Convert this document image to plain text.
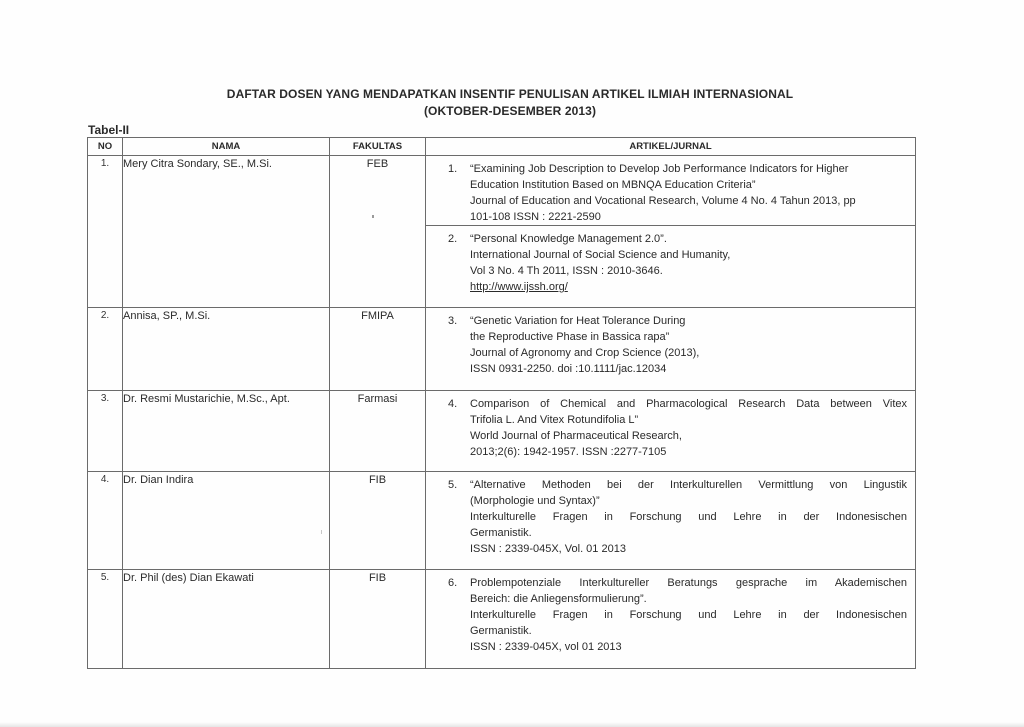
DAFTAR DOSEN YANG MENDAPATKAN INSENTIF PENULISAN ARTIKEL ILMIAH INTERNASIONAL
(OKTOBER-DESEMBER 2013)
Tabel-II
NO	NAMA	FAKULTAS	ARTIKEL/JURNAL
1.	Mery Citra Sondary, SE., M.Si.	FEB	1. “Examining Job Description to Develop Job Performance Indicators for Higher
Education Institution Based on MBNQA Education Criteria”
Journal of Education and Vocational Research, Volume 4 No. 4 Tahun 2013, pp
101-108 ISSN : 2221-2590
2. “Personal Knowledge Management 2.0”.
International Journal of Social Science and Humanity,
Vol 3 No. 4 Th 2011, ISSN : 2010-3646.
http://www.ijssh.org/

2.	Annisa, SP., M.Si.	FMIPA	3. “Genetic Variation for Heat Tolerance During
the Reproductive Phase in Bassica rapa”
Journal of Agronomy and Crop Science (2013),
ISSN 0931-2250. doi :10.1111/jac.12034

3.	Dr. Resmi Mustarichie, M.Sc., Apt.	Farmasi	4. Comparison of Chemical and Pharmacological Research Data between Vitex
Trifolia L. And Vitex Rotundifolia L”
World Journal of Pharmaceutical Research,
2013;2(6): 1942-1957. ISSN :2277-7105

4.	Dr. Dian Indira	FIB	5. “Alternative Methoden bei der Interkulturellen Vermittlung von Lingustik
(Morphologie und Syntax)”
Interkulturelle Fragen in Forschung und Lehre in der Indonesischen
Germanistik.
ISSN : 2339-045X, Vol. 01 2013

5.	Dr. Phil (des) Dian Ekawati	FIB	6. Problempotenziale Interkultureller Beratungs gesprache im Akademischen
Bereich: die Anliegensformulierung”.
Interkulturelle Fragen in Forschung und Lehre in der Indonesischen
Germanistik.
ISSN : 2339-045X, vol 01 2013
